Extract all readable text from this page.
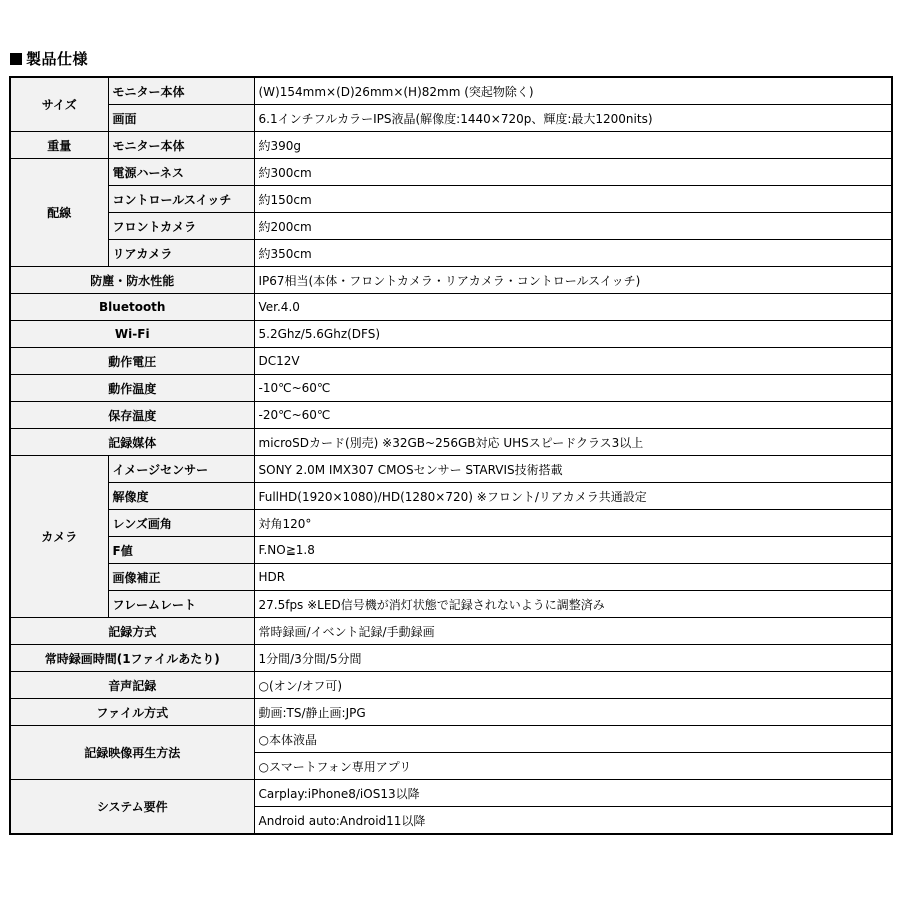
製品仕様
サイズ	モニター本体	(W)154mm×(D)26mm×(H)82mm (突起物除く)
	画面	6.1インチフルカラーIPS液晶(解像度:1440×720p、輝度:最大1200nits)
重量	モニター本体	約390g
配線	電源ハーネス	約300cm
	コントロールスイッチ	約150cm
	フロントカメラ	約200cm
	リアカメラ	約350cm
防塵・防水性能		IP67相当(本体・フロントカメラ・リアカメラ・コントロールスイッチ)
Bluetooth		Ver.4.0
Wi-Fi		5.2Ghz/5.6Ghz(DFS)
動作電圧		DC12V
動作温度		-10℃~60℃
保存温度		-20℃~60℃
記録媒体		microSDカード(別売) ※32GB~256GB対応 UHSスピードクラス3以上
カメラ	イメージセンサー	SONY 2.0M IMX307 CMOSセンサー STARVIS技術搭載
	解像度	FullHD(1920×1080)/HD(1280×720) ※フロント/リアカメラ共通設定
	レンズ画角	対角120°
	F値	F.NO≧1.8
	画像補正	HDR
	フレームレート	27.5fps ※LED信号機が消灯状態で記録されないように調整済み
記録方式		常時録画/イベント記録/手動録画
常時録画時間(1ファイルあたり)		1分間/3分間/5分間
音声記録		○(オン/オフ可)
ファイル方式		動画:TS/静止画:JPG
記録映像再生方法		○本体液晶
		○スマートフォン専用アプリ
システム要件		Carplay:iPhone8/iOS13以降
		Android auto:Android11以降
